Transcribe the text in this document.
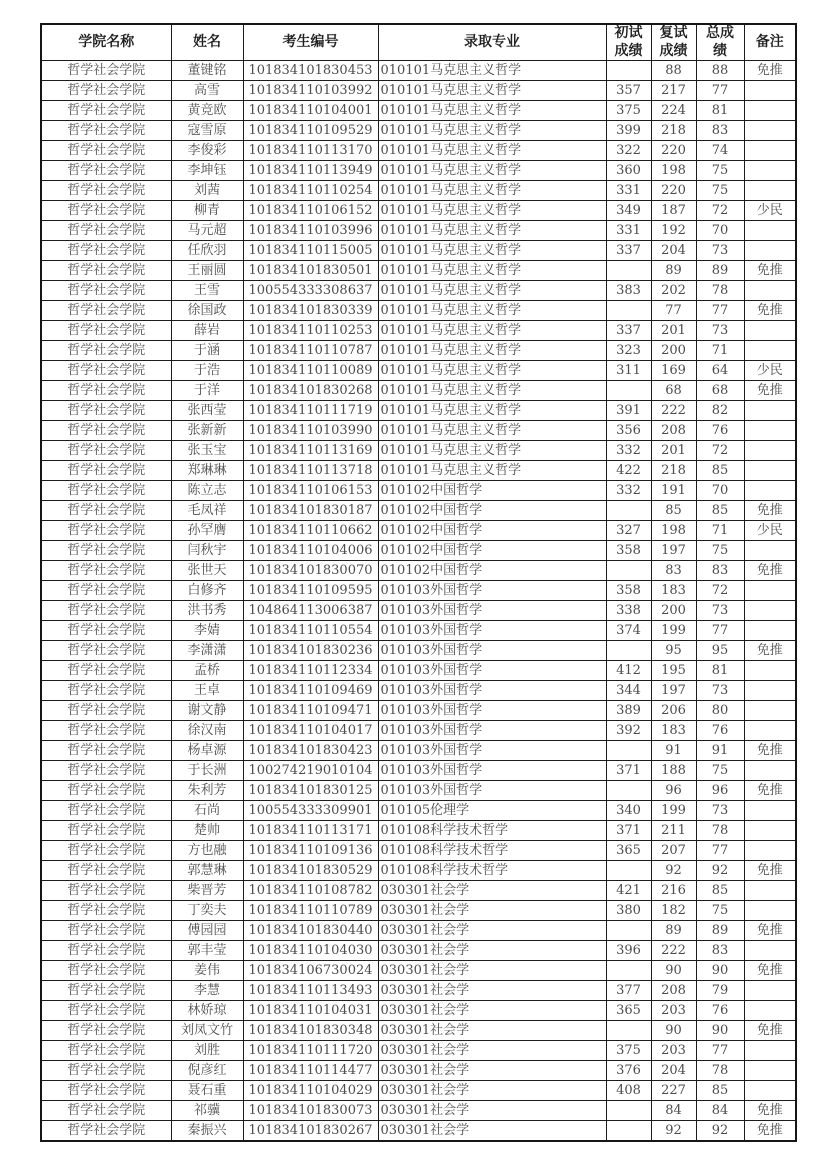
学院名称	姓名	考生编号	录取专业	初试成绩	复试成绩	总成绩	备注
哲学社会学院	董键铭	101834101830453	010101马克思主义哲学		88	88	免推
哲学社会学院	高雪	101834110103992	010101马克思主义哲学	357	217	77	
哲学社会学院	黄竞欧	101834110104001	010101马克思主义哲学	375	224	81	
哲学社会学院	寇雪原	101834110109529	010101马克思主义哲学	399	218	83	
哲学社会学院	李俊彩	101834110113170	010101马克思主义哲学	322	220	74	
哲学社会学院	李坤钰	101834110113949	010101马克思主义哲学	360	198	75	
哲学社会学院	刘茜	101834110110254	010101马克思主义哲学	331	220	75	
哲学社会学院	柳青	101834110106152	010101马克思主义哲学	349	187	72	少民
哲学社会学院	马元超	101834110103996	010101马克思主义哲学	331	192	70	
哲学社会学院	任欣羽	101834110115005	010101马克思主义哲学	337	204	73	
哲学社会学院	王丽圆	101834101830501	010101马克思主义哲学		89	89	免推
哲学社会学院	王雪	100554333308637	010101马克思主义哲学	383	202	78	
哲学社会学院	徐国政	101834101830339	010101马克思主义哲学		77	77	免推
哲学社会学院	薛岩	101834110110253	010101马克思主义哲学	337	201	73	
哲学社会学院	于涵	101834110110787	010101马克思主义哲学	323	200	71	
哲学社会学院	于浩	101834110110089	010101马克思主义哲学	311	169	64	少民
哲学社会学院	于洋	101834101830268	010101马克思主义哲学		68	68	免推
哲学社会学院	张西莹	101834110111719	010101马克思主义哲学	391	222	82	
哲学社会学院	张新新	101834110103990	010101马克思主义哲学	356	208	76	
哲学社会学院	张玉宝	101834110113169	010101马克思主义哲学	332	201	72	
哲学社会学院	郑琳琳	101834110113718	010101马克思主义哲学	422	218	85	
哲学社会学院	陈立志	101834110106153	010102中国哲学	332	191	70	
哲学社会学院	毛凤祥	101834101830187	010102中国哲学		85	85	免推
哲学社会学院	孙罕膺	101834110110662	010102中国哲学	327	198	71	少民
哲学社会学院	闫秋宇	101834110104006	010102中国哲学	358	197	75	
哲学社会学院	张世天	101834101830070	010102中国哲学		83	83	免推
哲学社会学院	白修齐	101834110109595	010103外国哲学	358	183	72	
哲学社会学院	洪书秀	104864113006387	010103外国哲学	338	200	73	
哲学社会学院	李婧	101834110110554	010103外国哲学	374	199	77	
哲学社会学院	李潇潇	101834101830236	010103外国哲学		95	95	免推
哲学社会学院	孟桥	101834110112334	010103外国哲学	412	195	81	
哲学社会学院	王卓	101834110109469	010103外国哲学	344	197	73	
哲学社会学院	谢文静	101834110109471	010103外国哲学	389	206	80	
哲学社会学院	徐汉南	101834110104017	010103外国哲学	392	183	76	
哲学社会学院	杨卓源	101834101830423	010103外国哲学		91	91	免推
哲学社会学院	于长洲	100274219010104	010103外国哲学	371	188	75	
哲学社会学院	朱利芳	101834101830125	010103外国哲学		96	96	免推
哲学社会学院	石尚	100554333309901	010105伦理学	340	199	73	
哲学社会学院	楚帅	101834110113171	010108科学技术哲学	371	211	78	
哲学社会学院	方也融	101834110109136	010108科学技术哲学	365	207	77	
哲学社会学院	郭慧琳	101834101830529	010108科学技术哲学		92	92	免推
哲学社会学院	柴晋芳	101834110108782	030301社会学	421	216	85	
哲学社会学院	丁奕夫	101834110110789	030301社会学	380	182	75	
哲学社会学院	傅园园	101834101830440	030301社会学		89	89	免推
哲学社会学院	郭丰莹	101834110104030	030301社会学	396	222	83	
哲学社会学院	姜伟	101834106730024	030301社会学		90	90	免推
哲学社会学院	李慧	101834110113493	030301社会学	377	208	79	
哲学社会学院	林娇琼	101834110104031	030301社会学	365	203	76	
哲学社会学院	刘凤文竹	101834101830348	030301社会学		90	90	免推
哲学社会学院	刘胜	101834110111720	030301社会学	375	203	77	
哲学社会学院	倪彦红	101834110114477	030301社会学	376	204	78	
哲学社会学院	聂石重	101834110104029	030301社会学	408	227	85	
哲学社会学院	祁骥	101834101830073	030301社会学		84	84	免推
哲学社会学院	秦振兴	101834101830267	030301社会学		92	92	免推
